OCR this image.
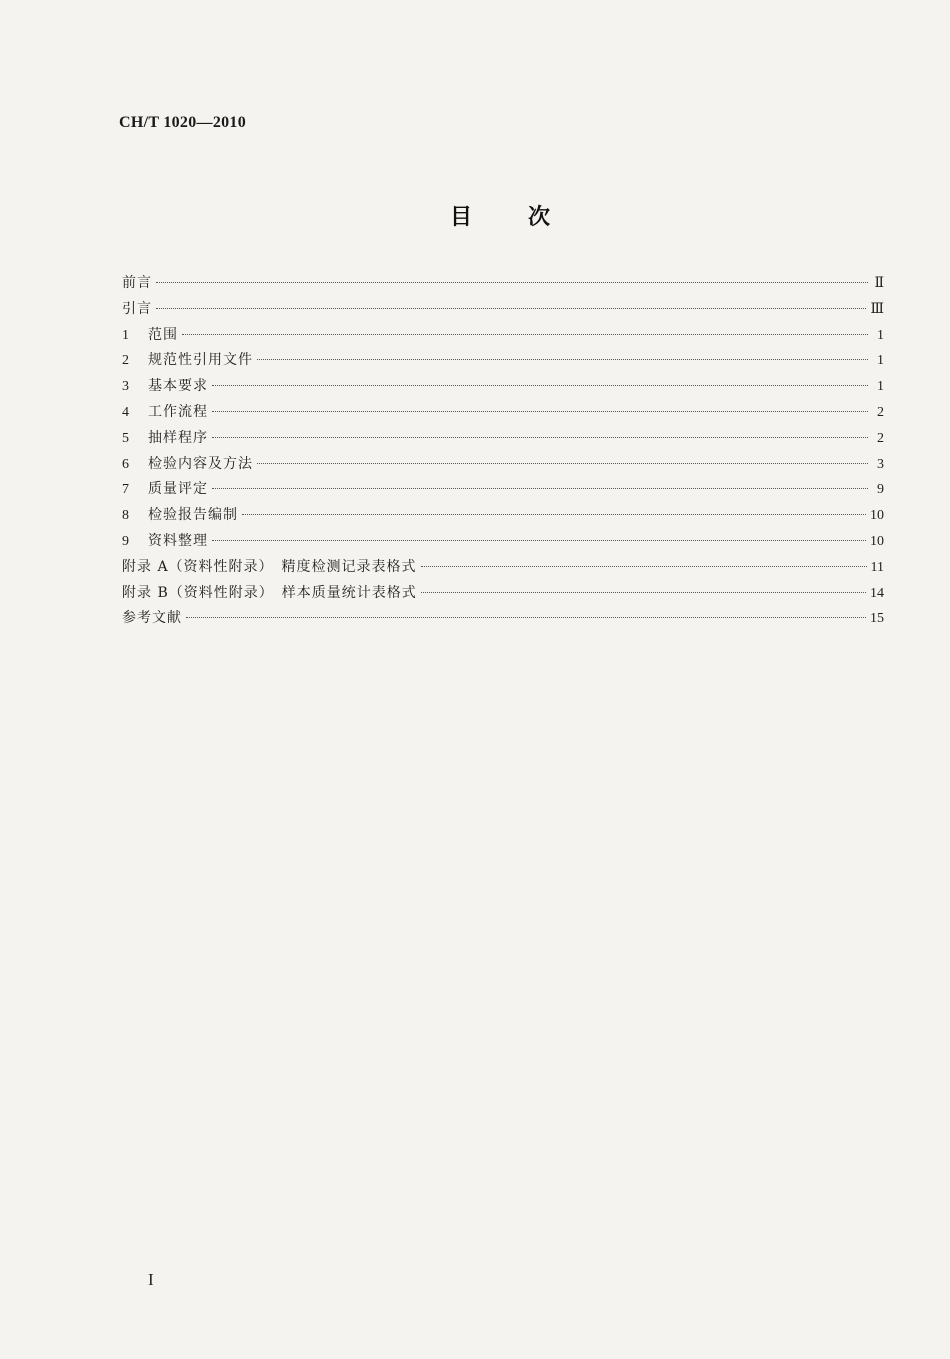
CH/T 1020—2010
目次
前言	Ⅱ
引言	Ⅲ
1	范围	1
2	规范性引用文件	1
3	基本要求	1
4	工作流程	2
5	抽样程序	2
6	检验内容及方法	3
7	质量评定	9
8	检验报告编制	10
9	资料整理	10
附录 A（资料性附录）　精度检测记录表格式	11
附录 B（资料性附录）　样本质量统计表格式	14
参考文献	15
I
